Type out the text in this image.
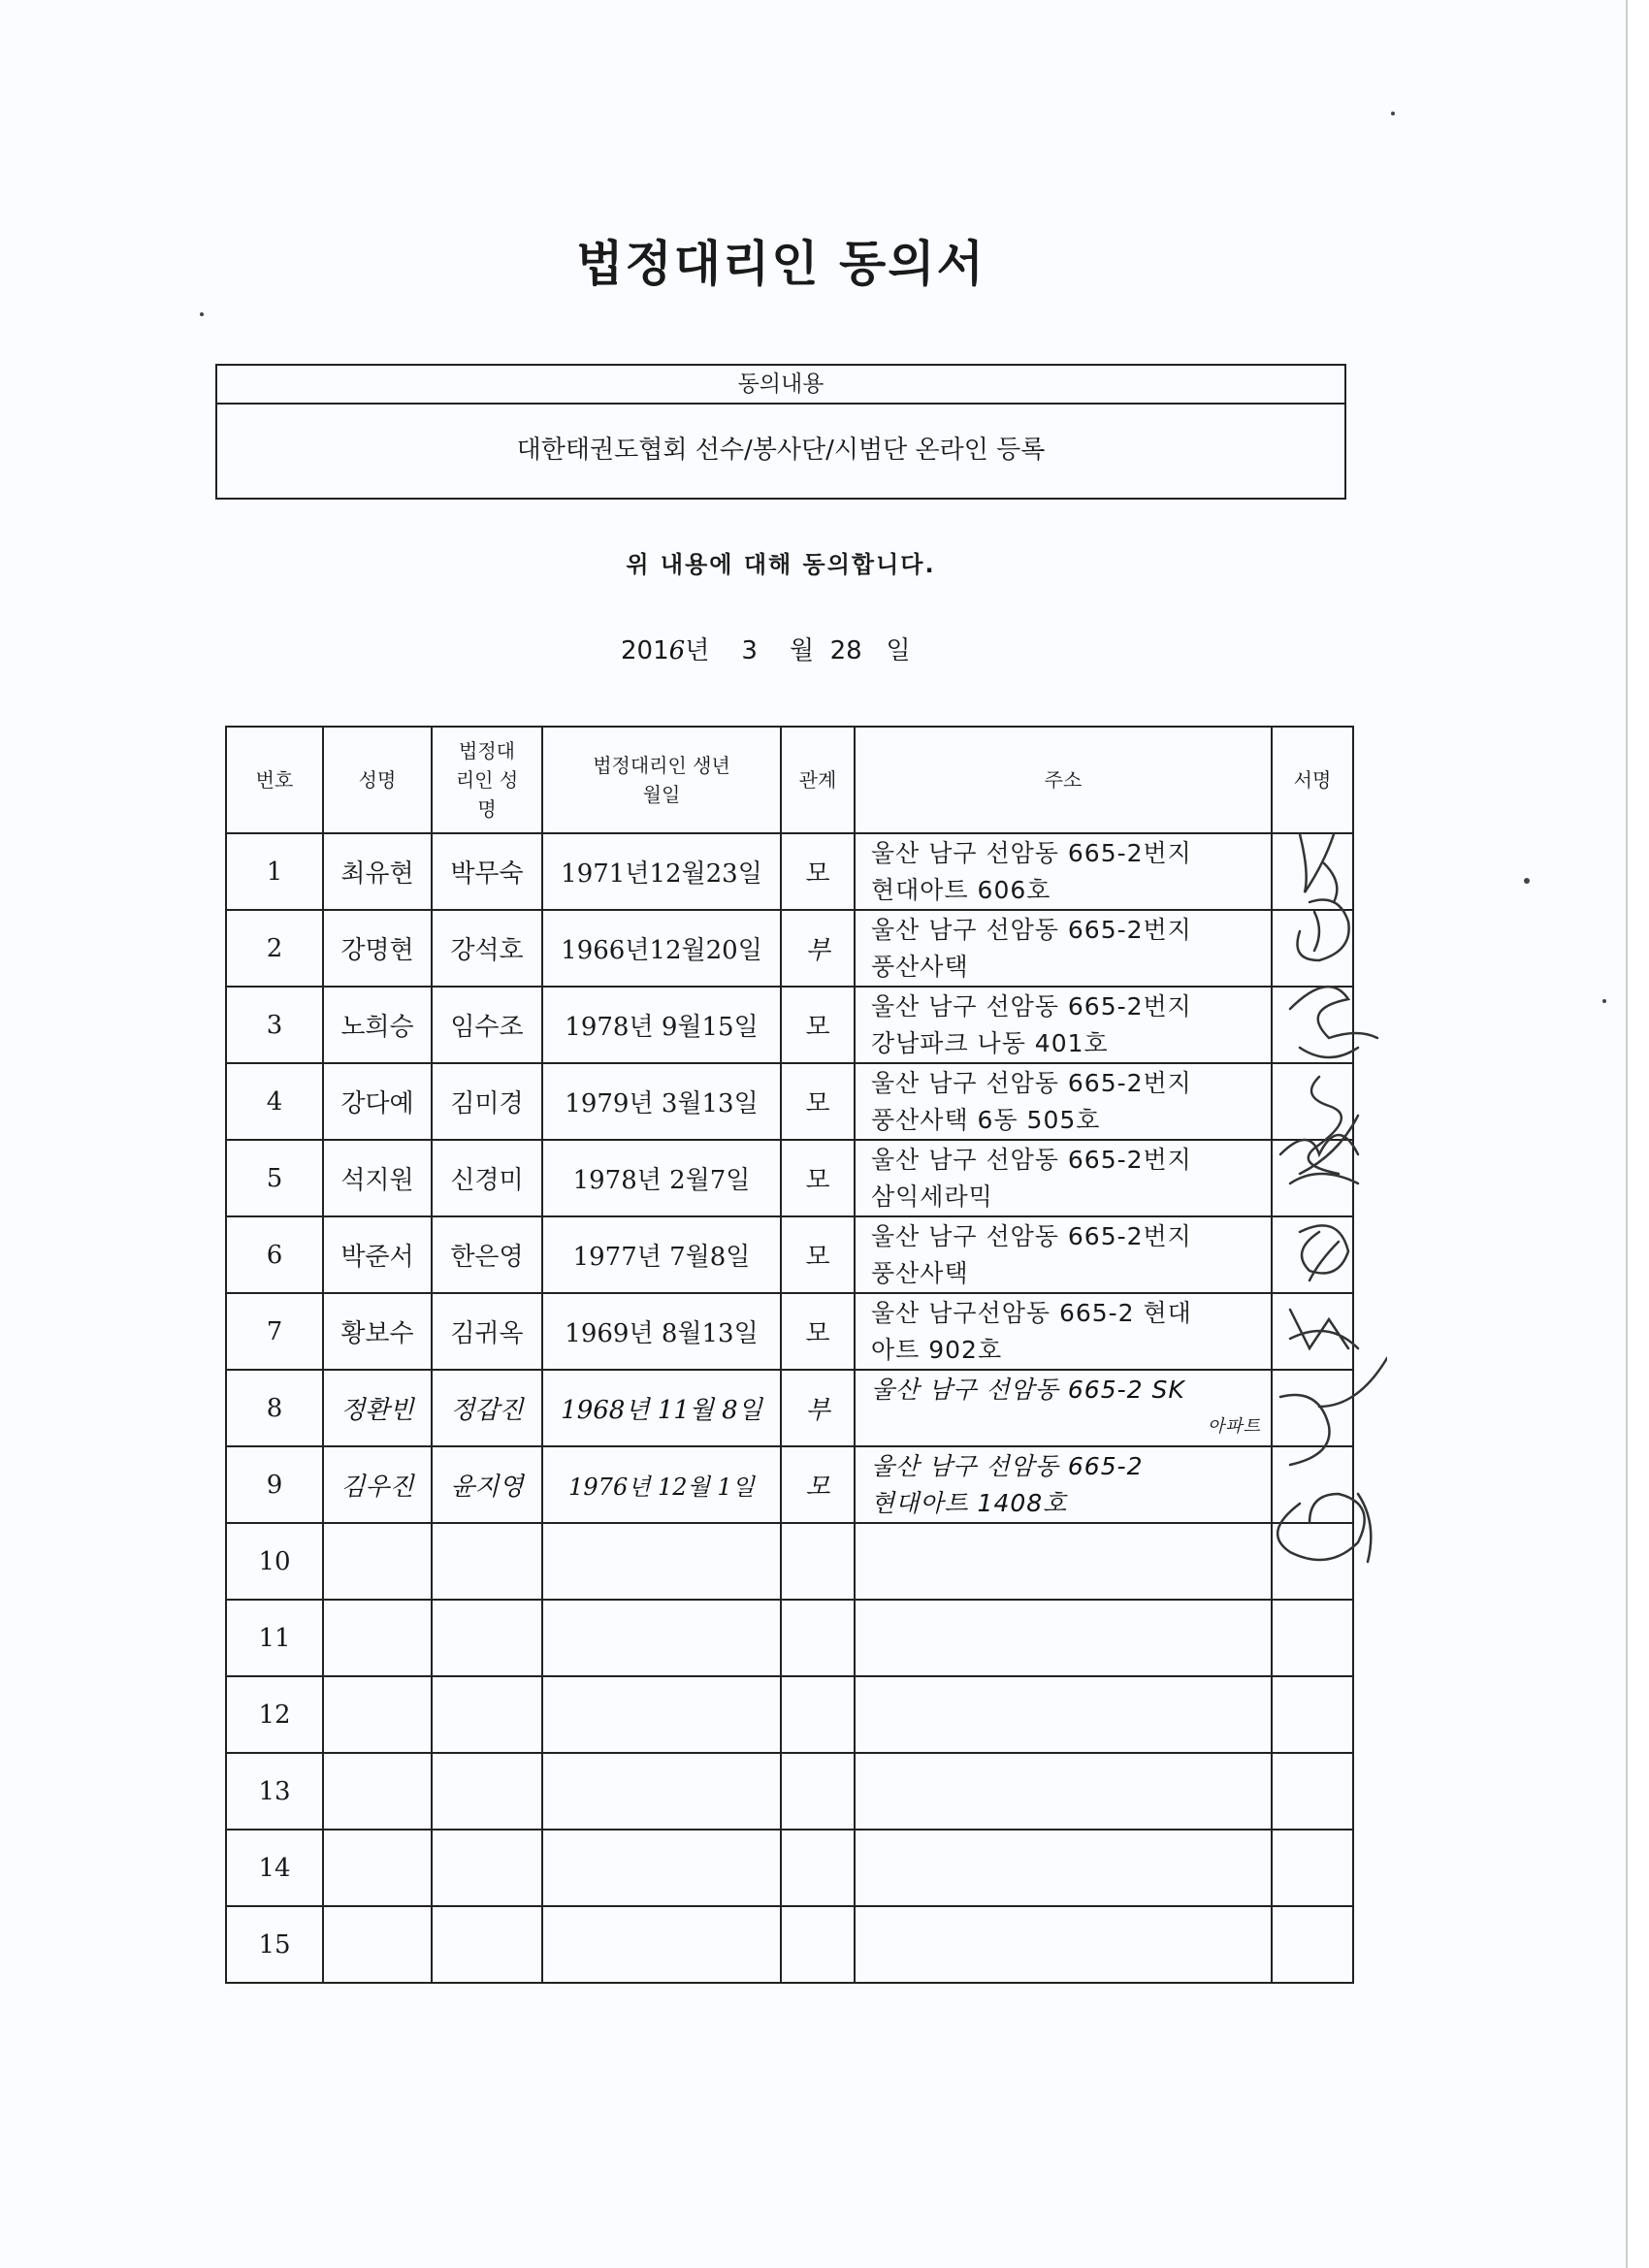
법정대리인 동의서
동의내용
대한태권도협회 선수/봉사단/시범단 온라인 등록
위 내용에 대해 동의합니다.
2016년 3 월 28 일
번호	성명	법정대리인 성명	법정대리인 생년월일	관계	주소	서명
1	최유현	박무숙	1971년12월23일	모	울산 남구 선암동 665-2번지
현대아트 606호	

2	강명현	강석호	1966년12월20일	부	울산 남구 선암동 665-2번지
풍산사택	

3	노희승	임수조	1978년 9월15일	모	울산 남구 선암동 665-2번지
강남파크 나동 401호	

4	강다예	김미경	1979년 3월13일	모	울산 남구 선암동 665-2번지
풍산사택 6동 505호	

5	석지원	신경미	1978년 2월7일	모	울산 남구 선암동 665-2번지
삼익세라믹	

6	박준서	한은영	1977년 7월8일	모	울산 남구 선암동 665-2번지
풍산사택	

7	황보수	김귀옥	1969년 8월13일	모	울산 남구선암동 665-2 현대
아트 902호	

8	정환빈	정갑진	1968년 11월 8일	부	울산 남구 선암동 665-2 SK
아파트	

9	김우진	윤지영	1976년 12월 1일	모	울산 남구 선암동 665-2
현대아트 1408호	

10						
11						
12						
13						
14						
15						
